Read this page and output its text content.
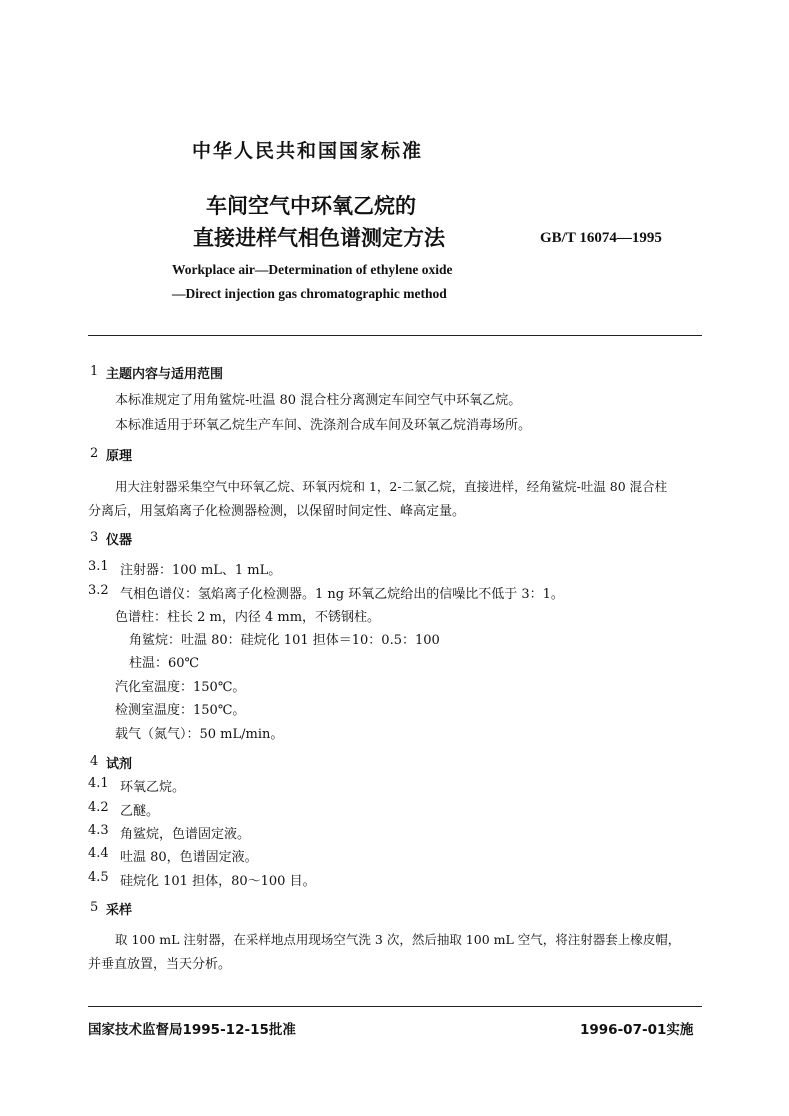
中华人民共和国国家标准
车间空气中环氧乙烷的
直接进样气相色谱测定方法	GB/T 16074—1995
Workplace air—Determination of ethylene oxide
—Direct injection gas chromatographic method
1 主题内容与适用范围
本标准规定了用角鲨烷-吐温 80 混合柱分离测定车间空气中环氧乙烷。
本标准适用于环氧乙烷生产车间、洗涤剂合成车间及环氧乙烷消毒场所。
2 原理
用大注射器采集空气中环氧乙烷、环氧丙烷和 1，2-二氯乙烷，直接进样，经角鲨烷-吐温 80 混合柱
分离后，用氢焰离子化检测器检测，以保留时间定性、峰高定量。
3 仪器
3.1 注射器：100 mL、1 mL。
3.2 气相色谱仪：氢焰离子化检测器。1 ng 环氧乙烷给出的信噪比不低于 3：1。
色谱柱：柱长 2 m，内径 4 mm，不锈钢柱。
角鲨烷：吐温 80：硅烷化 101 担体＝10：0.5：100
柱温：60℃
汽化室温度：150℃。
检测室温度：150℃。
载气（氮气）：50 mL/min。
4 试剂
4.1 环氧乙烷。
4.2 乙醚。
4.3 角鲨烷，色谱固定液。
4.4 吐温 80，色谱固定液。
4.5 硅烷化 101 担体，80～100 目。
5 采样
取 100 mL 注射器，在采样地点用现场空气洗 3 次，然后抽取 100 mL 空气，将注射器套上橡皮帽，
并垂直放置，当天分析。
国家技术监督局1995-12-15批准	1996-07-01实施
